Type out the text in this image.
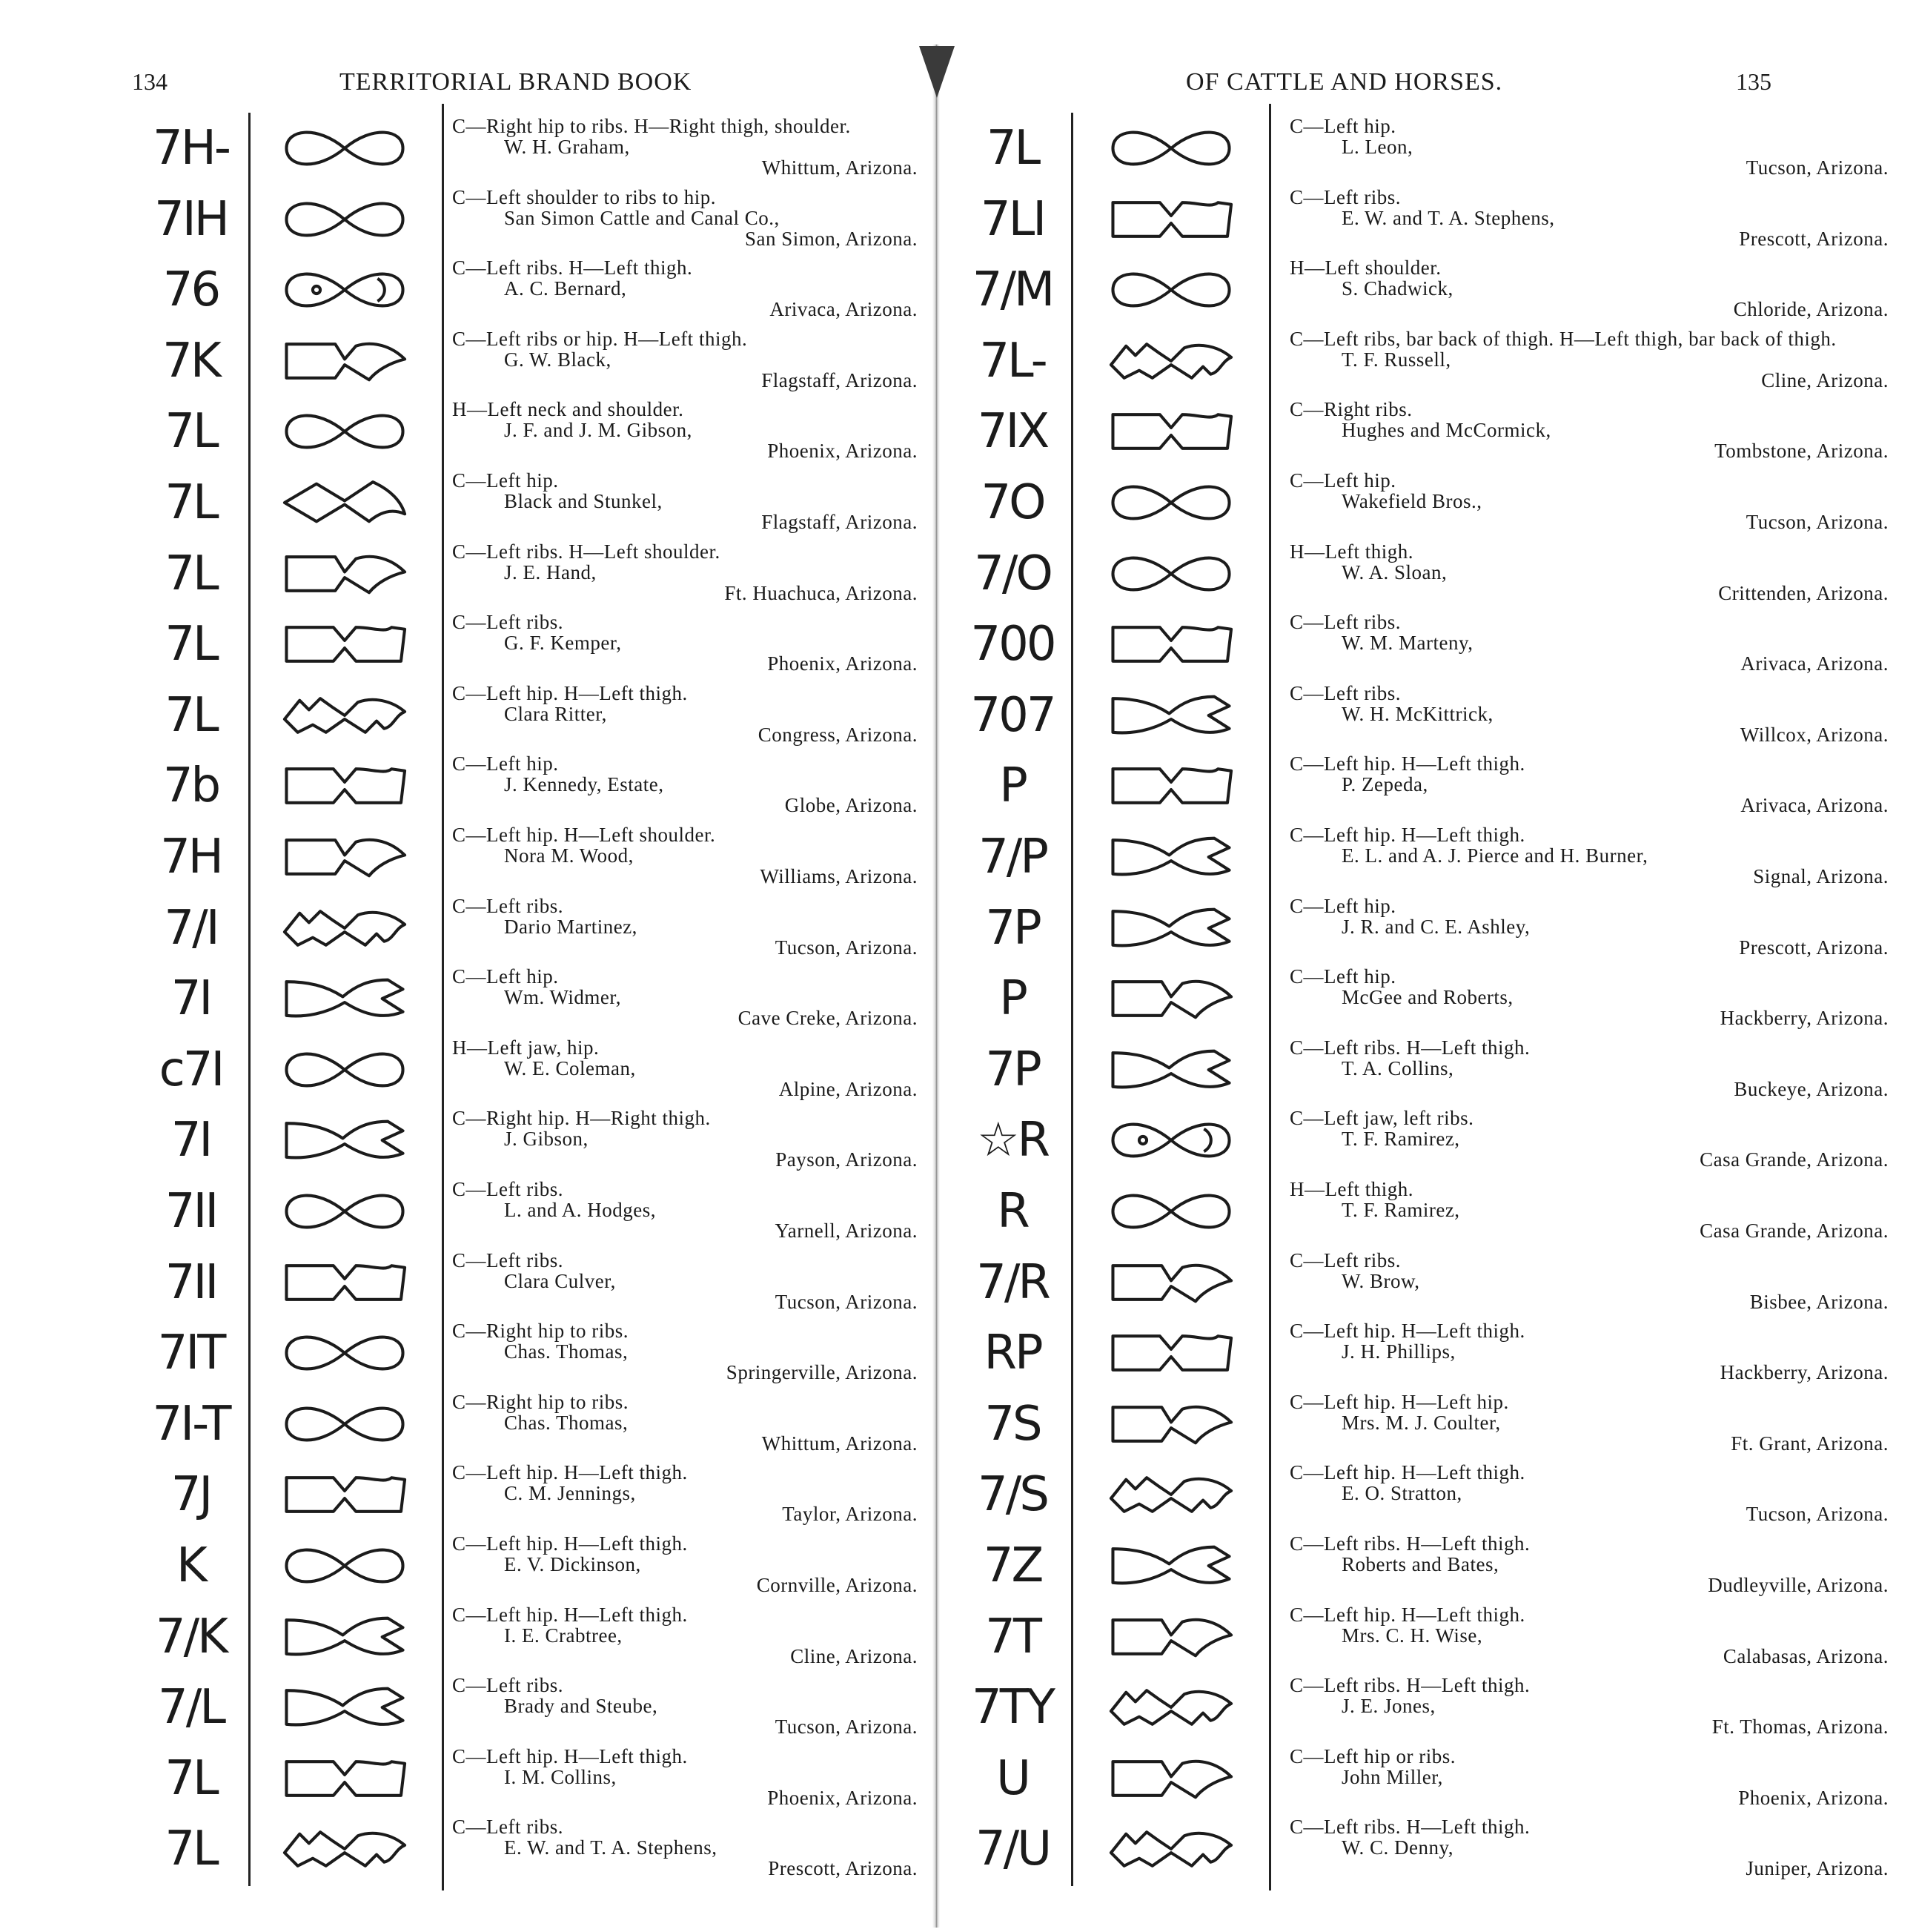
134	TERRITORIAL BRAND BOOK
7H-	C—Right hip to ribs. H—Right thigh, shoulder.
W. H. Graham,
Whittum, Arizona.
7IH	C—Left shoulder to ribs to hip.
San Simon Cattle and Canal Co.,
San Simon, Arizona.
76	C—Left ribs. H—Left thigh.
A. C. Bernard,
Arivaca, Arizona.
7K	C—Left ribs or hip. H—Left thigh.
G. W. Black,
Flagstaff, Arizona.
7L	H—Left neck and shoulder.
J. F. and J. M. Gibson,
Phoenix, Arizona.
7L	C—Left hip.
Black and Stunkel,
Flagstaff, Arizona.
7L	C—Left ribs. H—Left shoulder.
J. E. Hand,
Ft. Huachuca, Arizona.
7L	C—Left ribs.
G. F. Kemper,
Phoenix, Arizona.
7L	C—Left hip. H—Left thigh.
Clara Ritter,
Congress, Arizona.
7b	C—Left hip.
J. Kennedy, Estate,
Globe, Arizona.
7H	C—Left hip. H—Left shoulder.
Nora M. Wood,
Williams, Arizona.
7/I	C—Left ribs.
Dario Martinez,
Tucson, Arizona.
7I	C—Left hip.
Wm. Widmer,
Cave Creke, Arizona.
c7I	H—Left jaw, hip.
W. E. Coleman,
Alpine, Arizona.
7I	C—Right hip. H—Right thigh.
J. Gibson,
Payson, Arizona.
7II	C—Left ribs.
L. and A. Hodges,
Yarnell, Arizona.
7II	C—Left ribs.
Clara Culver,
Tucson, Arizona.
7IT	C—Right hip to ribs.
Chas. Thomas,
Springerville, Arizona.
7I-T	C—Right hip to ribs.
Chas. Thomas,
Whittum, Arizona.
7J	C—Left hip. H—Left thigh.
C. M. Jennings,
Taylor, Arizona.
K	C—Left hip. H—Left thigh.
E. V. Dickinson,
Cornville, Arizona.
7/K	C—Left hip. H—Left thigh.
I. E. Crabtree,
Cline, Arizona.
7/L	C—Left ribs.
Brady and Steube,
Tucson, Arizona.
7L	C—Left hip. H—Left thigh.
I. M. Collins,
Phoenix, Arizona.
7L	C—Left ribs.
E. W. and T. A. Stephens,
Prescott, Arizona.
OF CATTLE AND HORSES.	135
7L	C—Left hip.
L. Leon,
Tucson, Arizona.
7LI	C—Left ribs.
E. W. and T. A. Stephens,
Prescott, Arizona.
7/M	H—Left shoulder.
S. Chadwick,
Chloride, Arizona.
7L-	C—Left ribs, bar back of thigh. H—Left thigh, bar back of thigh.
T. F. Russell,
Cline, Arizona.
7IX	C—Right ribs.
Hughes and McCormick,
Tombstone, Arizona.
7O	C—Left hip.
Wakefield Bros.,
Tucson, Arizona.
7/O	H—Left thigh.
W. A. Sloan,
Crittenden, Arizona.
700	C—Left ribs.
W. M. Marteny,
Arivaca, Arizona.
707	C—Left ribs.
W. H. McKittrick,
Willcox, Arizona.
P	C—Left hip. H—Left thigh.
P. Zepeda,
Arivaca, Arizona.
7/P	C—Left hip. H—Left thigh.
E. L. and A. J. Pierce and H. Burner,
Signal, Arizona.
7P	C—Left hip.
J. R. and C. E. Ashley,
Prescott, Arizona.
P	C—Left hip.
McGee and Roberts,
Hackberry, Arizona.
7P	C—Left ribs. H—Left thigh.
T. A. Collins,
Buckeye, Arizona.
☆R	C—Left jaw, left ribs.
T. F. Ramirez,
Casa Grande, Arizona.
R	H—Left thigh.
T. F. Ramirez,
Casa Grande, Arizona.
7/R	C—Left ribs.
W. Brow,
Bisbee, Arizona.
RP	C—Left hip. H—Left thigh.
J. H. Phillips,
Hackberry, Arizona.
7S	C—Left hip. H—Left hip.
Mrs. M. J. Coulter,
Ft. Grant, Arizona.
7/S	C—Left hip. H—Left thigh.
E. O. Stratton,
Tucson, Arizona.
7Z	C—Left ribs. H—Left thigh.
Roberts and Bates,
Dudleyville, Arizona.
7T	C—Left hip. H—Left thigh.
Mrs. C. H. Wise,
Calabasas, Arizona.
7TY	C—Left ribs. H—Left thigh.
J. E. Jones,
Ft. Thomas, Arizona.
U	C—Left hip or ribs.
John Miller,
Phoenix, Arizona.
7/U	C—Left ribs. H—Left thigh.
W. C. Denny,
Juniper, Arizona.
